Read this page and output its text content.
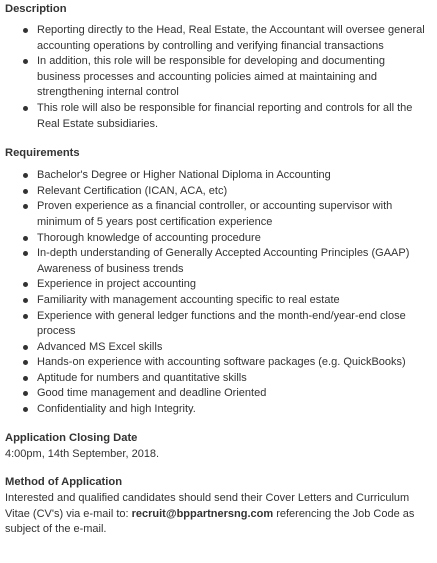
Description
Reporting directly to the Head, Real Estate, the Accountant will oversee general accounting operations by controlling and verifying financial transactions
In addition, this role will be responsible for developing and documenting business processes and accounting policies aimed at maintaining and strengthening internal control
This role will also be responsible for financial reporting and controls for all the Real Estate subsidiaries.
Requirements
Bachelor's Degree or Higher National Diploma in Accounting
Relevant Certification (ICAN, ACA, etc)
Proven experience as a financial controller, or accounting supervisor with minimum of 5 years post certification experience
Thorough knowledge of accounting procedure
In-depth understanding of Generally Accepted Accounting Principles (GAAP) Awareness of business trends
Experience in project accounting
Familiarity with management accounting specific to real estate
Experience with general ledger functions and the month-end/year-end close process
Advanced MS Excel skills
Hands-on experience with accounting software packages (e.g. QuickBooks)
Aptitude for numbers and quantitative skills
Good time management and deadline Oriented
Confidentiality and high Integrity.
Application Closing Date

4:00pm, 14th September, 2018.

Method of Application

Interested and qualified candidates should send their Cover Letters and Curriculum Vitae (CV's) via e-mail to: recruit@bppartnersng.com referencing the Job Code as subject of the e-mail.
